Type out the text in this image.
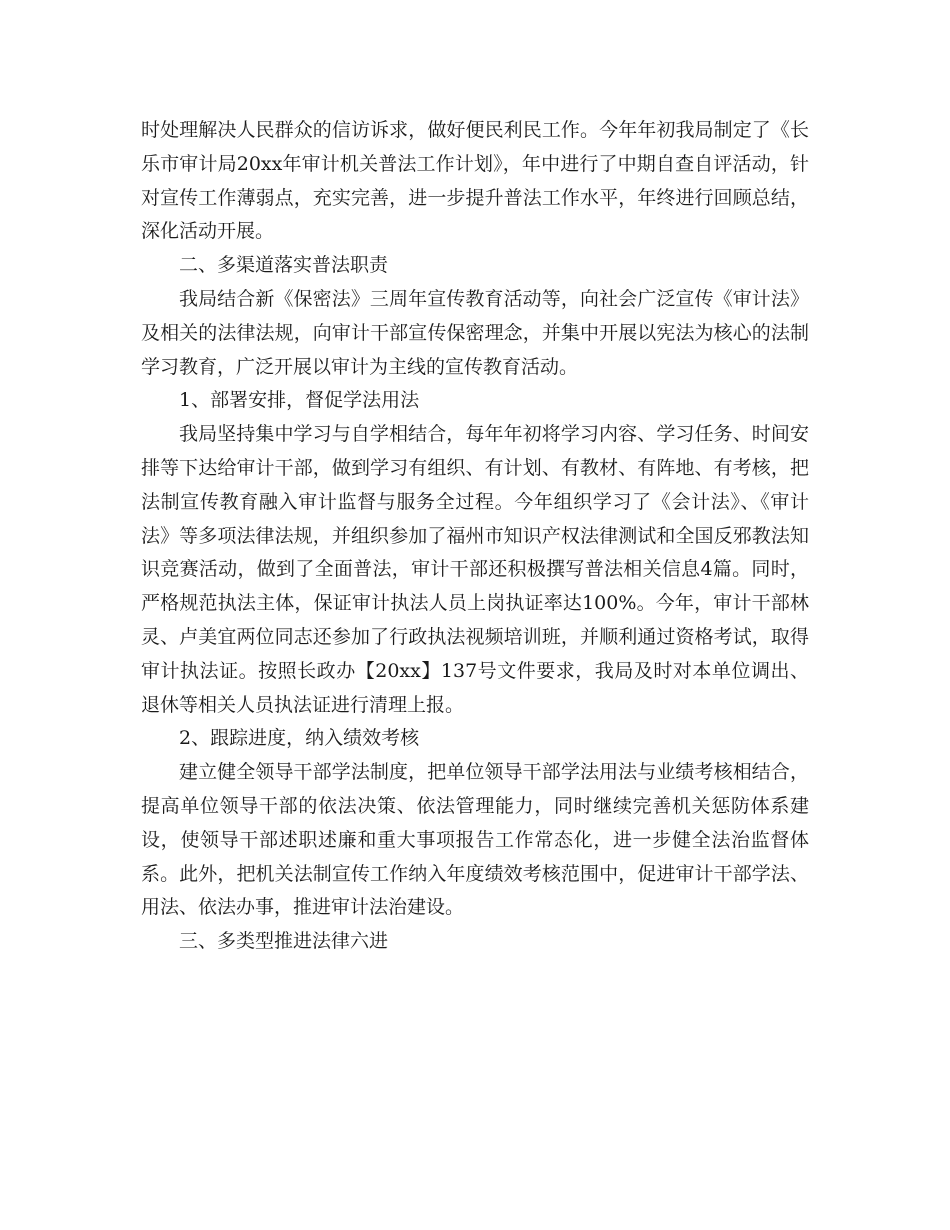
时处理解决人民群众的信访诉求，做好便民利民工作。今年年初我局制定了《长乐市审计局20xx年审计机关普法工作计划》，年中进行了中期自查自评活动，针对宣传工作薄弱点，充实完善，进一步提升普法工作水平，年终进行回顾总结，深化活动开展。

二、多渠道落实普法职责

我局结合新《保密法》三周年宣传教育活动等，向社会广泛宣传《审计法》及相关的法律法规，向审计干部宣传保密理念，并集中开展以宪法为核心的法制学习教育，广泛开展以审计为主线的宣传教育活动。

1、部署安排，督促学法用法

我局坚持集中学习与自学相结合，每年年初将学习内容、学习任务、时间安排等下达给审计干部，做到学习有组织、有计划、有教材、有阵地、有考核，把法制宣传教育融入审计监督与服务全过程。今年组织学习了《会计法》、《审计法》等多项法律法规，并组织参加了福州市知识产权法律测试和全国反邪教法知识竞赛活动，做到了全面普法，审计干部还积极撰写普法相关信息4篇。同时，严格规范执法主体，保证审计执法人员上岗执证率达100%。今年，审计干部林灵、卢美宜两位同志还参加了行政执法视频培训班，并顺利通过资格考试，取得审计执法证。按照长政办【20xx】137号文件要求，我局及时对本单位调出、退休等相关人员执法证进行清理上报。

2、跟踪进度，纳入绩效考核

建立健全领导干部学法制度，把单位领导干部学法用法与业绩考核相结合，提高单位领导干部的依法决策、依法管理能力，同时继续完善机关惩防体系建设，使领导干部述职述廉和重大事项报告工作常态化，进一步健全法治监督体系。此外，把机关法制宣传工作纳入年度绩效考核范围中，促进审计干部学法、用法、依法办事，推进审计法治建设。

三、多类型推进法律六进
